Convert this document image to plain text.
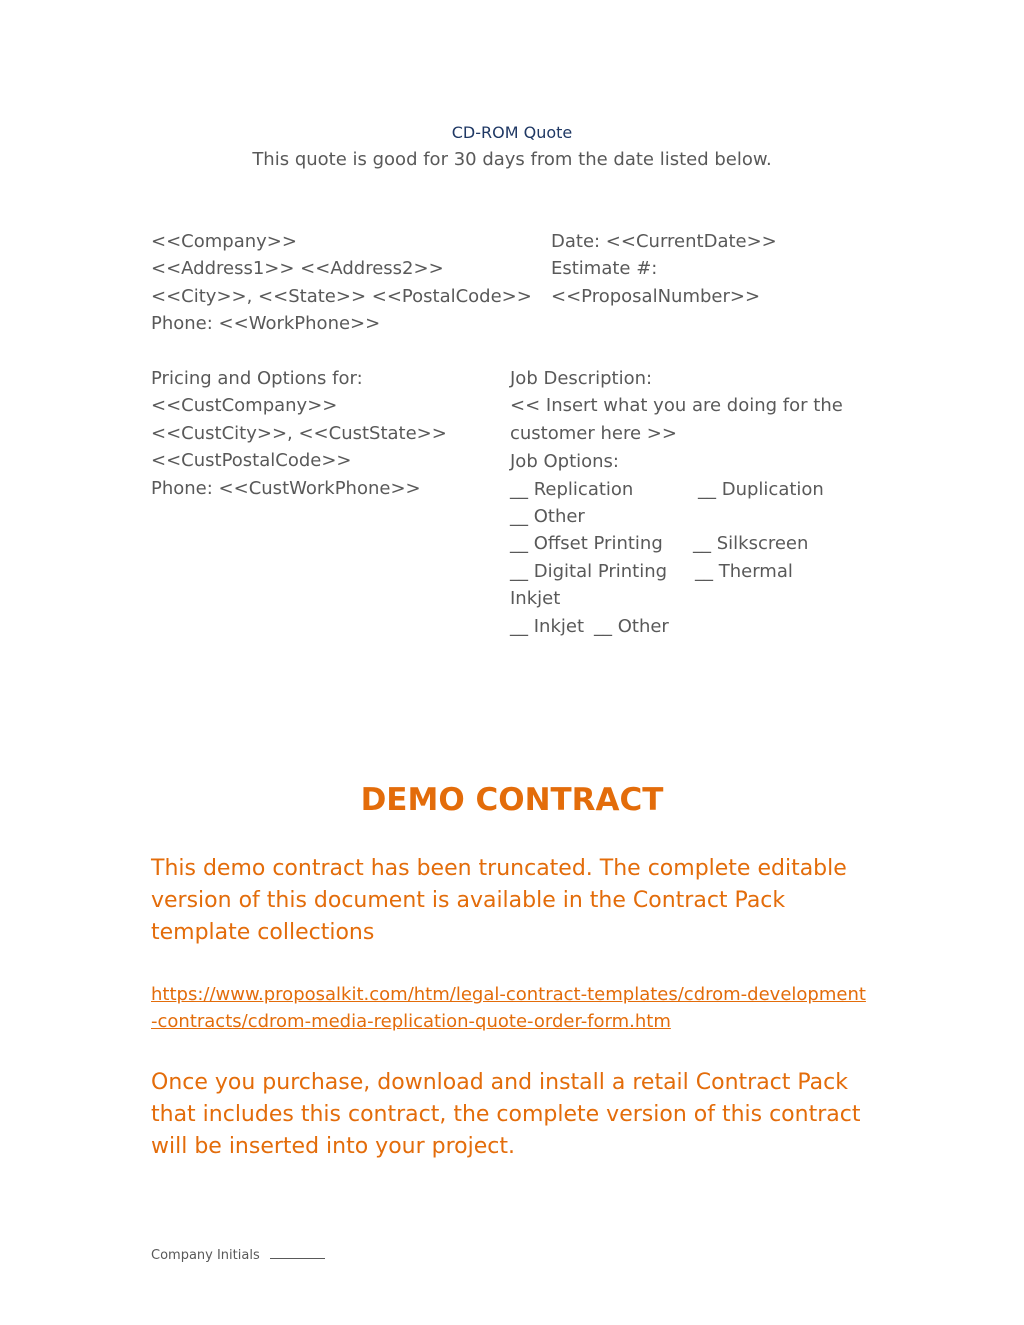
CD-ROM Quote
This quote is good for 30 days from the date listed below.
<<Company>>
<<Address1>> <<Address2>>
<<City>>, <<State>> <<PostalCode>>
Phone: <<WorkPhone>>
Date: <<CurrentDate>>
Estimate #:
<<ProposalNumber>>
Pricing and Options for:
<<CustCompany>>
<<CustCity>>, <<CustState>>
<<CustPostalCode>>
Phone: <<CustWorkPhone>>
Job Description:
<< Insert what you are doing for the customer here >>
Job Options:
__ Replication	__ Duplication
__ Other
__ Offset Printing __ Silkscreen
__ Digital Printing __ Thermal
Inkjet
__ Inkjet __ Other
DEMO CONTRACT
This demo contract has been truncated. The complete editable version of this document is available in the Contract Pack template collections
https://www.proposalkit.com/htm/legal-contract-templates/cdrom-development-contracts/cdrom-media-replication-quote-order-form.htm
Once you purchase, download and install a retail Contract Pack that includes this contract, the complete version of this contract will be inserted into your project.
Company Initials
